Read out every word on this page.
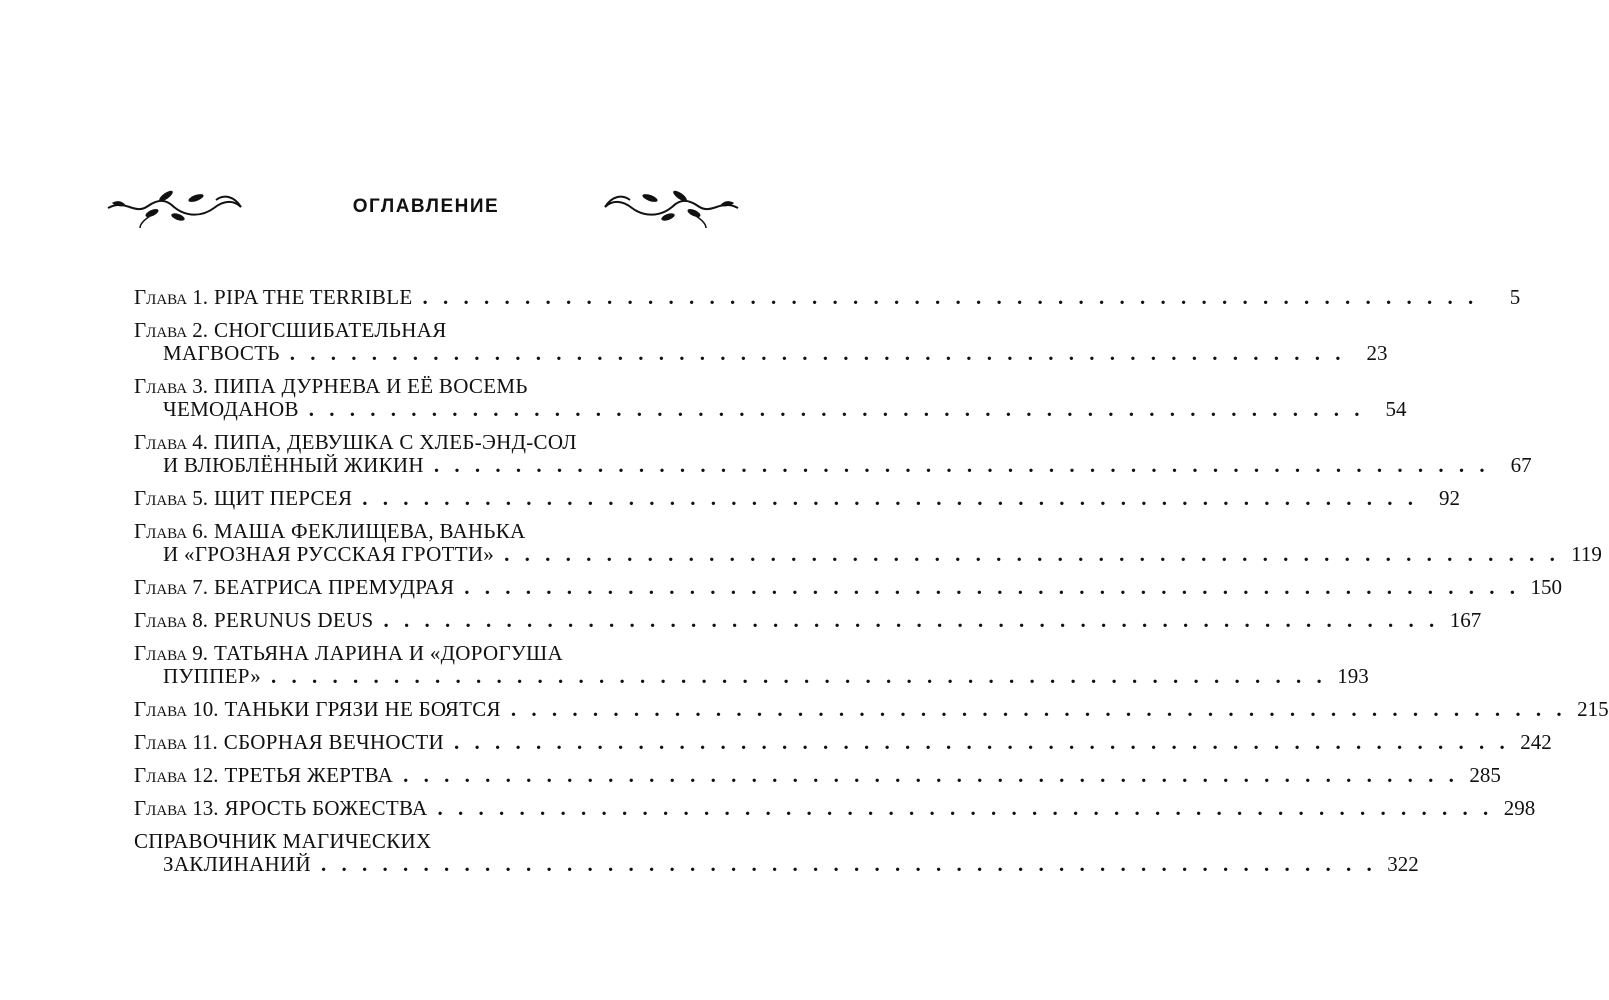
ОГЛАВЛЕНИЕ
Глава 1. PIPA THE TERRIBLE . . . . . . . . . . . . . . . . . . . . . . . . . . . . . . . . . . . . . . . . . . . . . . . . . . . .	5
Глава 2. СНОГСШИБАТЕЛЬНАЯ
МАГВОСТЬ . . . . . . . . . . . . . . . . . . . . . . . . . . . . . . . . . . . . . . . . . . . . . . . . . . . .	23
Глава 3. ПИПА ДУРНЕВА И ЕЁ ВОСЕМЬ
ЧЕМОДАНОВ . . . . . . . . . . . . . . . . . . . . . . . . . . . . . . . . . . . . . . . . . . . . . . . . . . . .	54
Глава 4. ПИПА, ДЕВУШКА С ХЛЕБ-ЭНД-СОЛ
И ВЛЮБЛЁННЫЙ ЖИКИН . . . . . . . . . . . . . . . . . . . . . . . . . . . . . . . . . . . . . . . . . . . . . . . . . . . .	67
Глава 5. ЩИТ ПЕРСЕЯ . . . . . . . . . . . . . . . . . . . . . . . . . . . . . . . . . . . . . . . . . . . . . . . . . . . .	92
Глава 6. МАША ФЕКЛИЩЕВА, ВАНЬКА
И «ГРОЗНАЯ РУССКАЯ ГРОТТИ» . . . . . . . . . . . . . . . . . . . . . . . . . . . . . . . . . . . . . . . . . . . . . . . . . . . . 119
Глава 7. БЕАТРИСА ПРЕМУДРАЯ . . . . . . . . . . . . . . . . . . . . . . . . . . . . . . . . . . . . . . . . . . . . . . . . . . . . 150
Глава 8. PERUNUS DEUS . . . . . . . . . . . . . . . . . . . . . . . . . . . . . . . . . . . . . . . . . . . . . . . . . . . . 167
Глава 9. ТАТЬЯНА ЛАРИНА И «ДОРОГУША
ПУППЕР» . . . . . . . . . . . . . . . . . . . . . . . . . . . . . . . . . . . . . . . . . . . . . . . . . . . . 193
Глава 10. ТАНЬКИ ГРЯЗИ НЕ БОЯТСЯ . . . . . . . . . . . . . . . . . . . . . . . . . . . . . . . . . . . . . . . . . . . . . . . . . . . . 215
Глава 11. СБОРНАЯ ВЕЧНОСТИ . . . . . . . . . . . . . . . . . . . . . . . . . . . . . . . . . . . . . . . . . . . . . . . . . . . . 242
Глава 12. ТРЕТЬЯ ЖЕРТВА . . . . . . . . . . . . . . . . . . . . . . . . . . . . . . . . . . . . . . . . . . . . . . . . . . . . 285
Глава 13. ЯРОСТЬ БОЖЕСТВА . . . . . . . . . . . . . . . . . . . . . . . . . . . . . . . . . . . . . . . . . . . . . . . . . . . . 298
СПРАВОЧНИК МАГИЧЕСКИХ
ЗАКЛИНАНИЙ . . . . . . . . . . . . . . . . . . . . . . . . . . . . . . . . . . . . . . . . . . . . . . . . . . . . 322
